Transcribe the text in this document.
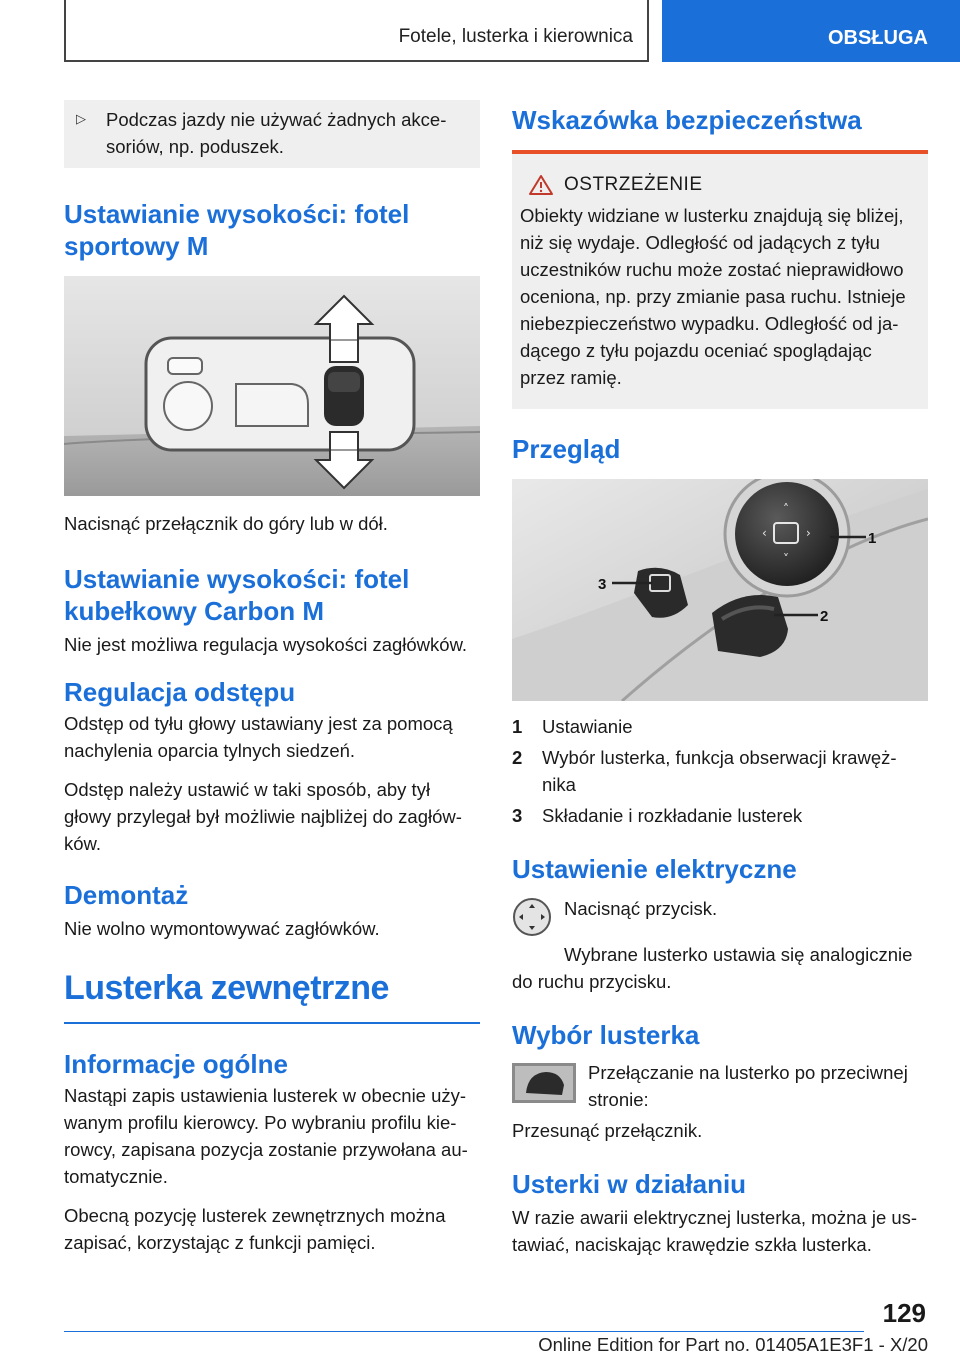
Fotele, lusterka i kierownica	OBSŁUGA
▷	Podczas jazdy nie używać żadnych akce-soriów, np. poduszek.

Ustawianie wysokości: fotel sportowy M

Nacisnąć przełącznik do góry lub w dół.

Ustawianie wysokości: fotel kubełkowy Carbon M

Nie jest możliwa regulacja wysokości zagłówków.

Regulacja odstępu

Odstęp od tyłu głowy ustawiany jest za pomocą nachylenia oparcia tylnych siedzeń.

Odstęp należy ustawić w taki sposób, aby tył głowy przylegał był możliwie najbliżej do zagłów-ków.

Demontaż

Nie wolno wymontowywać zagłówków.

Lusterka zewnętrzne
Informacje ogólne

Nastąpi zapis ustawienia lusterek w obecnie uży-wanym profilu kierowcy. Po wybraniu profilu kie-rowcy, zapisana pozycja zostanie przywołana au-tomatycznie.

Obecną pozycję lusterek zewnętrznych można zapisać, korzystając z funkcji pamięci.

Wskazówka bezpieczeństwa
OSTRZEŻENIE

Obiekty widziane w lusterku znajdują się bliżej, niż się wydaje. Odległość od jadących z tyłu uczestników ruchu może zostać nieprawidłowo oceniona, np. przy zmianie pasa ruchu. Istnieje niebezpieczeństwo wypadku. Odległość od ja-dącego z tyłu pojazdu oceniać spoglądając przez ramię.

Przegląd
‹	›
˄
˅
1
2
3
1	Ustawianie

2	Wybór lusterka, funkcja obserwacji krawęż-nika

3	Składanie i rozkładanie lusterek

Ustawienie elektryczne

Nacisnąć przycisk.

Wybrane lusterko ustawia się analogicznie do ruchu przycisku.

Wybór lusterka

Przełączanie na lusterko po przeciwnej stronie:

Przesunąć przełącznik.

Usterki w działaniu

W razie awarii elektrycznej lusterka, można je us-tawiać, naciskając krawędzie szkła lusterka.

129
Online Edition for Part no. 01405A1E3F1 - X/20
